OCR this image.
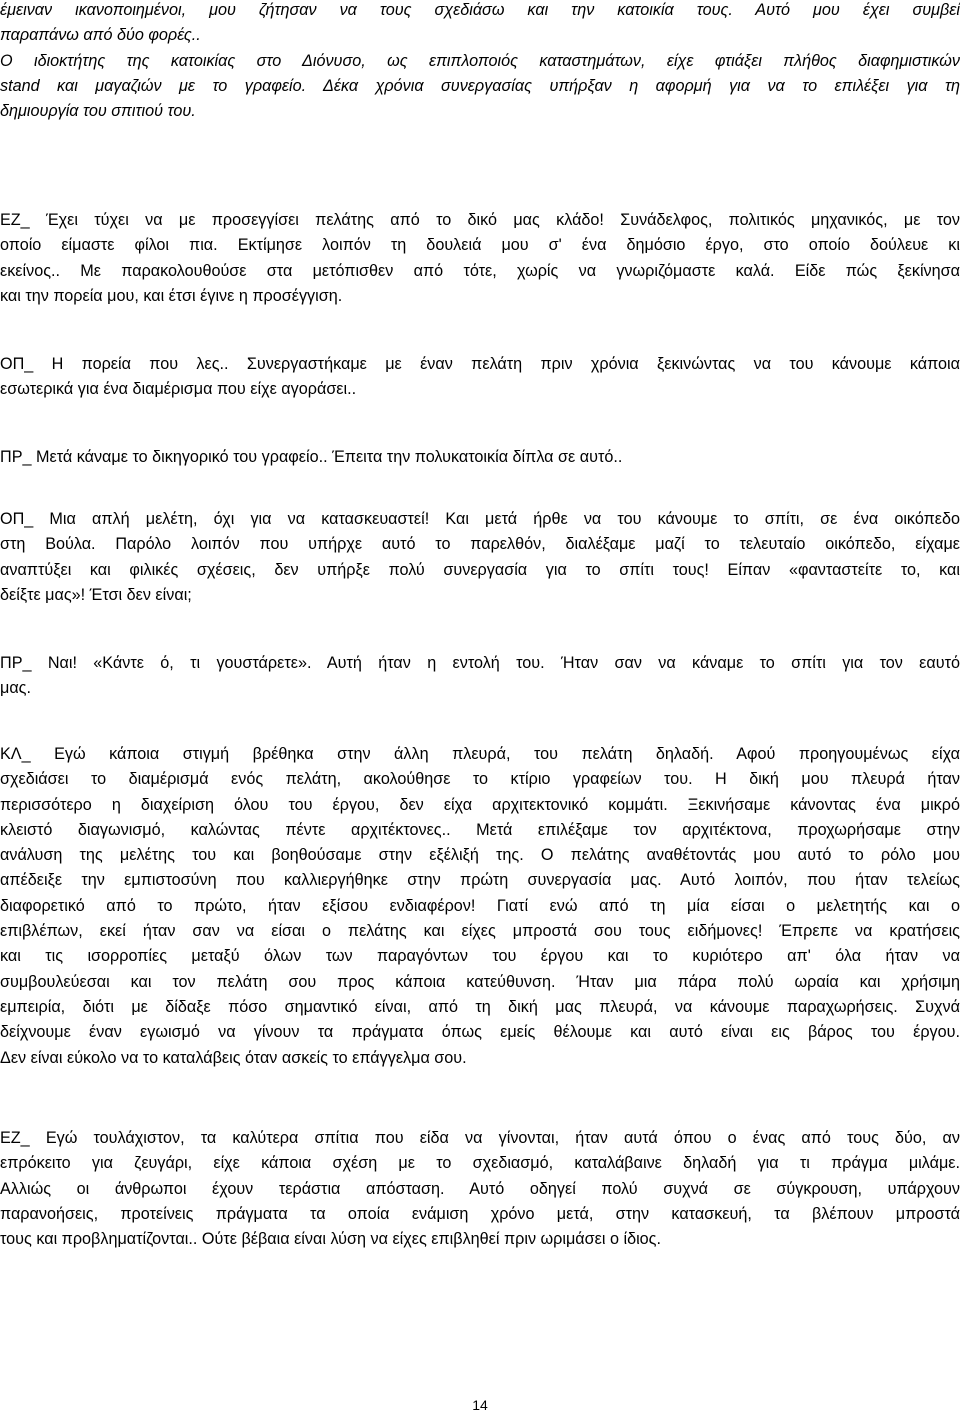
έμειναν ικανοποιημένοι, μου ζήτησαν να τους σχεδιάσω και την κατοικία τους. Αυτό μου έχει συμβεί
παραπάνω από δύο φορές..
Ο ιδιοκτήτης της κατοικίας στο Διόνυσο, ως επιπλοποιός καταστημάτων, είχε φτιάξει πλήθος διαφημιστικών
stand και μαγαζιών με το γραφείο. Δέκα χρόνια συνεργασίας υπήρξαν η αφορμή για να το επιλέξει για τη
δημιουργία του σπιτιού του.
ΕΖ_ Έχει τύχει να με προσεγγίσει πελάτης από το δικό μας κλάδο! Συνάδελφος, πολιτικός μηχανικός, με τον
οποίο είμαστε φίλοι πια. Εκτίμησε λοιπόν τη δουλειά μου σ' ένα δημόσιο έργο, στο οποίο δούλευε κι
εκείνος.. Με παρακολουθούσε στα μετόπισθεν από τότε, χωρίς να γνωριζόμαστε καλά. Είδε πώς ξεκίνησα
και την πορεία μου, και έτσι έγινε η προσέγγιση.
ΟΠ_ Η πορεία που λες.. Συνεργαστήκαμε με έναν πελάτη πριν χρόνια ξεκινώντας να του κάνουμε κάποια
εσωτερικά για ένα διαμέρισμα που είχε αγοράσει..
ΠΡ_ Μετά κάναμε το δικηγορικό του γραφείο.. Έπειτα την πολυκατοικία δίπλα σε αυτό..
ΟΠ_ Μια απλή μελέτη, όχι για να κατασκευαστεί! Και μετά ήρθε να του κάνουμε το σπίτι, σε ένα οικόπεδο
στη Βούλα. Παρόλο λοιπόν που υπήρχε αυτό το παρελθόν, διαλέξαμε μαζί το τελευταίο οικόπεδο, είχαμε
αναπτύξει και φιλικές σχέσεις, δεν υπήρξε πολύ συνεργασία για το σπίτι τους! Είπαν «φανταστείτε το, και
δείξτε μας»! Έτσι δεν είναι;
ΠΡ_ Ναι! «Κάντε ό, τι γουστάρετε». Αυτή ήταν η εντολή του. Ήταν σαν να κάναμε το σπίτι για τον εαυτό
μας.
ΚΛ_ Εγώ κάποια στιγμή βρέθηκα στην άλλη πλευρά, του πελάτη δηλαδή. Αφού προηγουμένως είχα
σχεδιάσει το διαμέρισμά ενός πελάτη, ακολούθησε το κτίριο γραφείων του. Η δική μου πλευρά ήταν
περισσότερο η διαχείριση όλου του έργου, δεν είχα αρχιτεκτονικό κομμάτι. Ξεκινήσαμε κάνοντας ένα μικρό
κλειστό διαγωνισμό, καλώντας πέντε αρχιτέκτονες.. Μετά επιλέξαμε τον αρχιτέκτονα, προχωρήσαμε στην
ανάλυση της μελέτης του και βοηθούσαμε στην εξέλιξή της. Ο πελάτης αναθέτοντάς μου αυτό το ρόλο μου
απέδειξε την εμπιστοσύνη που καλλιεργήθηκε στην πρώτη συνεργασία μας. Αυτό λοιπόν, που ήταν τελείως
διαφορετικό από το πρώτο, ήταν εξίσου ενδιαφέρον! Γιατί ενώ από τη μία είσαι ο μελετητής και ο
επιβλέπων, εκεί ήταν σαν να είσαι ο πελάτης και είχες μπροστά σου τους ειδήμονες! Έπρεπε να κρατήσεις
και τις ισορροπίες μεταξύ όλων των παραγόντων του έργου και το κυριότερο απ' όλα ήταν να
συμβουλεύεσαι και τον πελάτη σου προς κάποια κατεύθυνση. Ήταν μια πάρα πολύ ωραία και χρήσιμη
εμπειρία, διότι με δίδαξε πόσο σημαντικό είναι, από τη δική μας πλευρά, να κάνουμε παραχωρήσεις. Συχνά
δείχνουμε έναν εγωισμό να γίνουν τα πράγματα όπως εμείς θέλουμε και αυτό είναι εις βάρος του έργου.
Δεν είναι εύκολο να το καταλάβεις όταν ασκείς το επάγγελμα σου.
ΕΖ_ Εγώ τουλάχιστον, τα καλύτερα σπίτια που είδα να γίνονται, ήταν αυτά όπου ο ένας από τους δύο, αν
επρόκειτο για ζευγάρι, είχε κάποια σχέση με το σχεδιασμό, καταλάβαινε δηλαδή για τι πράγμα μιλάμε.
Αλλιώς οι άνθρωποι έχουν τεράστια απόσταση. Αυτό οδηγεί πολύ συχνά σε σύγκρουση, υπάρχουν
παρανοήσεις, προτείνεις πράγματα τα οποία ενάμιση χρόνο μετά, στην κατασκευή, τα βλέπουν μπροστά
τους και προβληματίζονται.. Ούτε βέβαια είναι λύση να είχες επιβληθεί πριν ωριμάσει ο ίδιος.
14
